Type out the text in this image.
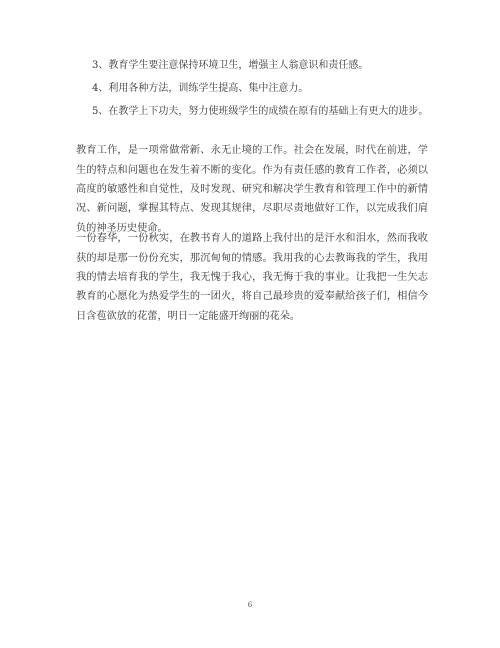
3、教育学生要注意保持环境卫生，增强主人翁意识和责任感。
4、利用各种方法，训练学生提高、集中注意力。
5、在教学上下功夫，努力使班级学生的成绩在原有的基础上有更大的进步。

教育工作，是一项常做常新、永无止境的工作。社会在发展，时代在前进，学生的特点和问题也在发生着不断的变化。作为有责任感的教育工作者，必须以高度的敏感性和自觉性，及时发现、研究和解决学生教育和管理工作中的新情况、新问题，掌握其特点、发现其规律，尽职尽责地做好工作，以完成我们肩负的神圣历史使命。

一份春华，一份秋实，在教书育人的道路上我付出的是汗水和泪水，然而我收获的却是那一份份充实，那沉甸甸的情感。我用我的心去教诲我的学生，我用我的情去培育我的学生，我无愧于我心，我无悔于我的事业。让我把一生矢志教育的心愿化为热爱学生的一团火，将自己最珍贵的爱奉献给孩子们，相信今日含苞欲放的花蕾，明日一定能盛开绚丽的花朵。

6
